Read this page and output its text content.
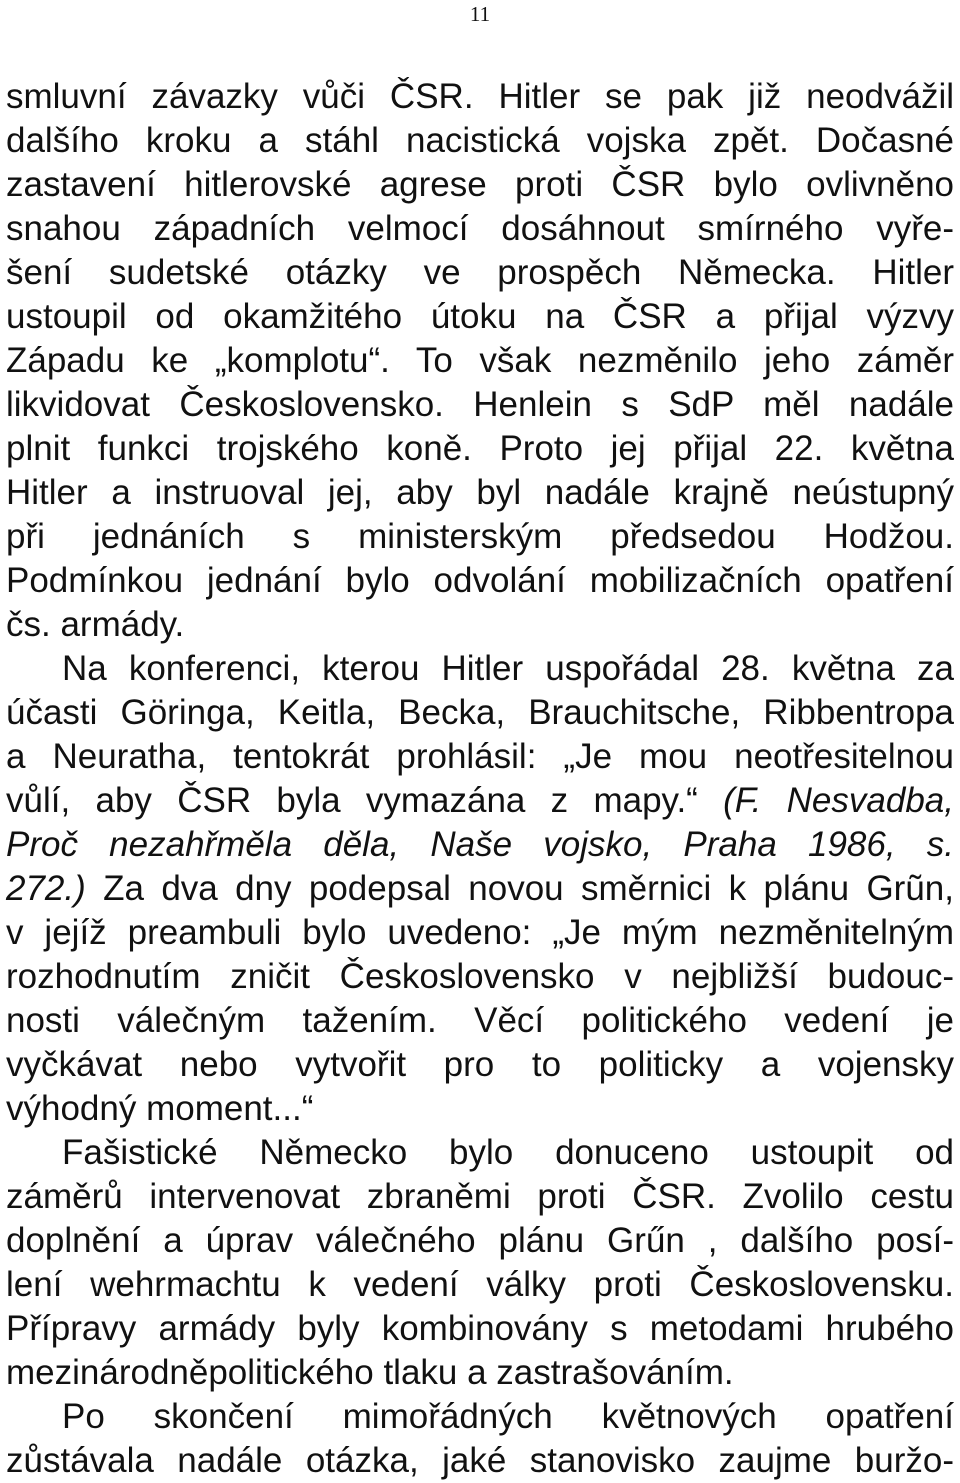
11
smluvní závazky vůči ČSR. Hitler se pak již neodvážil
dalšího kroku a stáhl nacistická vojska zpět. Dočasné
zastavení hitlerovské agrese proti ČSR bylo ovlivněno
snahou západních velmocí dosáhnout smírného vyře-
šení sudetské otázky ve prospěch Německa. Hitler
ustoupil od okamžitého útoku na ČSR a přijal výzvy
Západu ke „komplotu“. To však nezměnilo jeho záměr
likvidovat Československo. Henlein s SdP měl nadále
plnit funkci trojského koně. Proto jej přijal 22. května
Hitler a instruoval jej, aby byl nadále krajně neústupný
při jednáních s ministerským předsedou Hodžou.
Podmínkou jednání bylo odvolání mobilizačních opatření
čs. armády.
Na konferenci, kterou Hitler uspořádal 28. května za
účasti Göringa, Keitla, Becka, Brauchitsche, Ribbentropa
a Neuratha, tentokrát prohlásil: „Je mou neotřesitelnou
vůlí, aby ČSR byla vymazána z mapy.“ (F. Nesvadba,
Proč nezahřměla děla, Naše vojsko, Praha 1986, s.
272.) Za dva dny podepsal novou směrnici k plánu Grũn,
v jejíž preambuli bylo uvedeno: „Je mým nezměnitelným
rozhodnutím zničit Československo v nejbližší budouc-
nosti válečným tažením. Věcí politického vedení je
vyčkávat nebo vytvořit pro to politicky a vojensky
výhodný moment...“
Fašistické Německo bylo donuceno ustoupit od
záměrů intervenovat zbraněmi proti ČSR. Zvolilo cestu
doplnění a úprav válečného plánu Grűn , dalšího posí-
lení wehrmachtu k vedení války proti Československu.
Přípravy armády byly kombinovány s metodami hrubého
mezinárodněpolitického tlaku a zastrašováním.
Po skončení mimořádných květnových opatření
zůstávala nadále otázka, jaké stanovisko zaujme buržo-
